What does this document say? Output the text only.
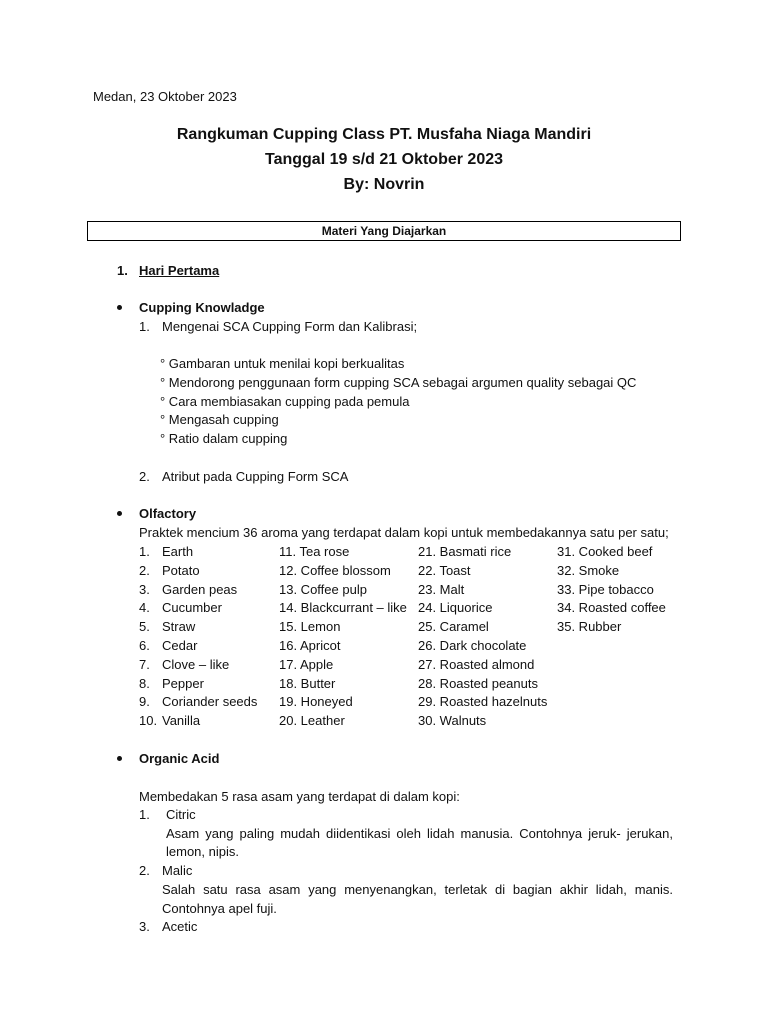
Medan, 23 Oktober 2023
Rangkuman Cupping Class PT. Musfaha Niaga Mandiri
Tanggal 19 s/d 21 Oktober 2023
By: Novrin
Materi Yang Diajarkan
1. Hari Pertama
Cupping Knowladge
1. Mengenai SCA Cupping Form dan Kalibrasi;
° Gambaran untuk menilai kopi berkualitas
° Mendorong penggunaan form cupping SCA sebagai argumen quality sebagai QC
° Cara membiasakan cupping pada pemula
° Mengasah cupping
° Ratio dalam cupping
2. Atribut pada Cupping Form SCA
Olfactory
Praktek mencium 36 aroma yang terdapat dalam kopi untuk membedakannya satu per satu;
1. Earth
2. Potato
3. Garden peas
4. Cucumber
5. Straw
6. Cedar
7. Clove – like
8. Pepper
9. Coriander seeds
10. Vanilla
11. Tea rose
12. Coffee blossom
13. Coffee pulp
14. Blackcurrant – like
15. Lemon
16. Apricot
17. Apple
18. Butter
19. Honeyed
20. Leather
21. Basmati rice
22. Toast
23. Malt
24. Liquorice
25. Caramel
26. Dark chocolate
27. Roasted almond
28. Roasted peanuts
29. Roasted hazelnuts
30. Walnuts
31. Cooked beef
32. Smoke
33. Pipe tobacco
34. Roasted coffee
35. Rubber
Organic Acid
Membedakan 5 rasa asam yang terdapat di dalam kopi:
1. Citric
Asam yang paling mudah diidentikasi oleh lidah manusia. Contohnya jeruk- jerukan,
lemon, nipis.
2. Malic
Salah satu rasa asam yang menyenangkan, terletak di bagian akhir lidah, manis.
Contohnya apel fuji.
3. Acetic
